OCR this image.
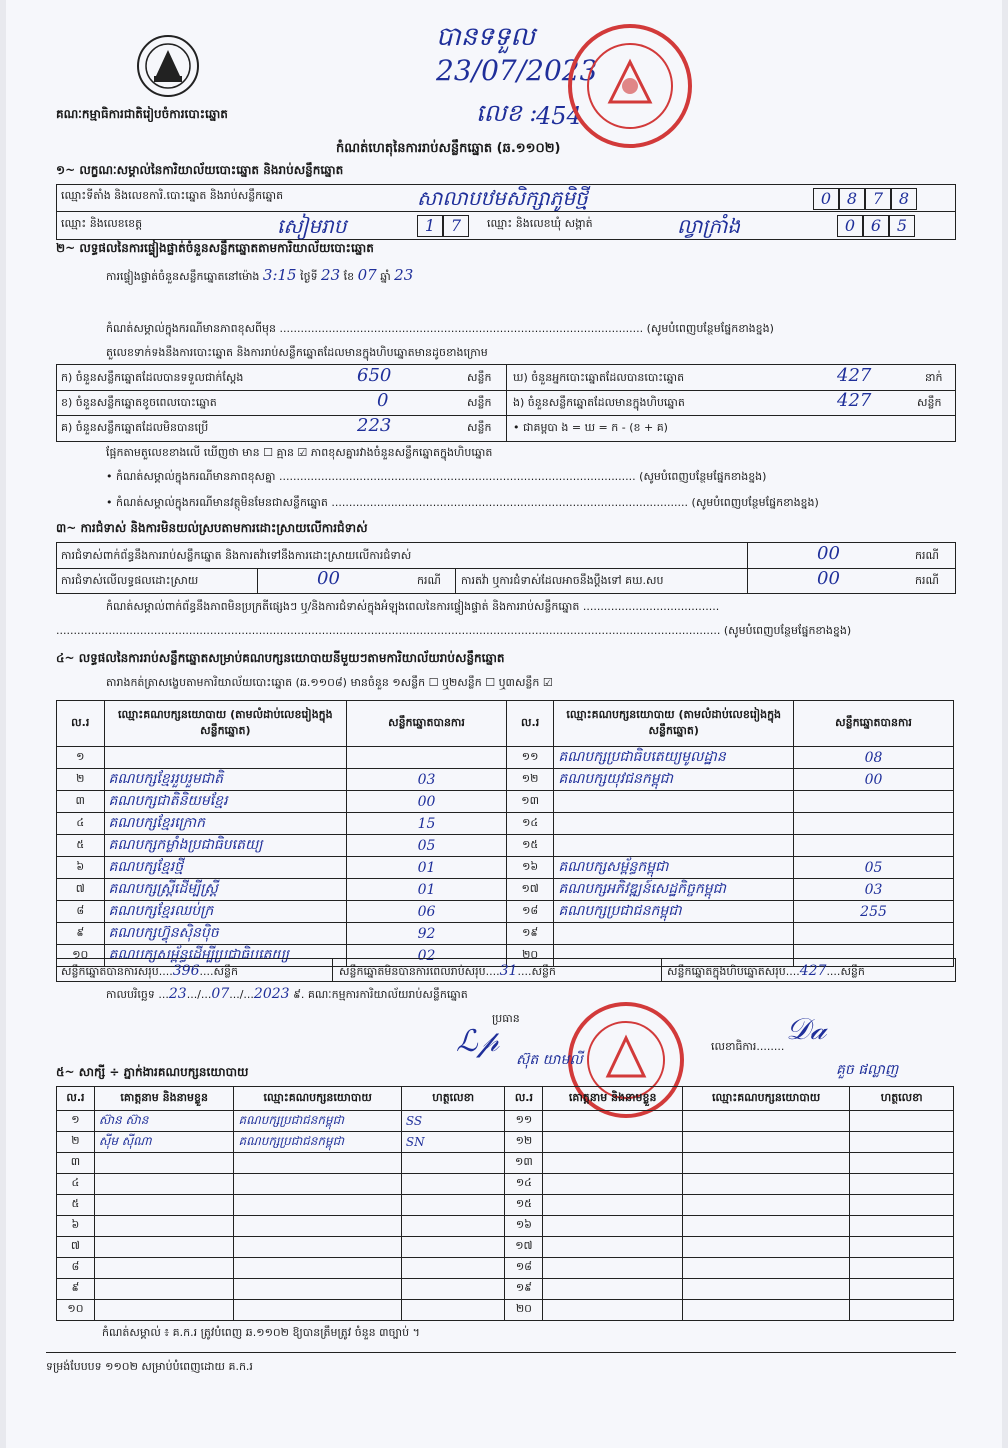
គណៈកម្មាធិការជាតិរៀបចំការបោះឆ្នោត
បានទទួល
23/07/2023
លេខ :
454
កំណត់ហេតុនៃការរាប់សន្លឹកឆ្នោត (ឆ.១១០២)
១~ លក្ខណៈសម្គាល់នៃការិយាល័យបោះឆ្នោត និងរាប់សន្លឹកឆ្នោត
ឈ្មោះទីតាំង និងលេខការិ.បោះឆ្នោត និងរាប់សន្លឹកឆ្នោត	សាលាបឋមសិក្សាភូមិថ្មី	0 8 7 8
ឈ្មោះ និងលេខខេត្ត	សៀមរាប	1 7	ឈ្មោះ និងលេខឃុំ សង្កាត់	ល្វាក្រាំង	0 6 5
២~ លទ្ធផលនៃការផ្ទៀងផ្ទាត់ចំនួនសន្លឹកឆ្នោតតាមការិយាល័យបោះឆ្នោត
ការផ្ទៀងផ្ទាត់ចំនួនសន្លឹកឆ្នោតនៅម៉ោង 3:15 ថ្ងៃទី 23 ខែ 07 ឆ្នាំ 23
កំណត់សម្គាល់ក្នុងករណីមានភាពខុសពីមុន ........................................................................................................ (សូមបំពេញបន្ថែមផ្នែកខាងខ្នង)
តួលេខទាក់ទងនឹងការបោះឆ្នោត និងការរាប់សន្លឹកឆ្នោតដែលមានក្នុងហិបឆ្នោតមានដូចខាងក្រោម
ក) ចំនួនសន្លឹកឆ្នោតដែលបានទទួលជាក់ស្តែង	650	សន្លឹក
ខ) ចំនួនសន្លឹកឆ្នោតខូចពេលបោះឆ្នោត	0	សន្លឹក
គ) ចំនួនសន្លឹកឆ្នោតដែលមិនបានប្រើ	223	សន្លឹក
ឃ) ចំនួនអ្នកបោះឆ្នោតដែលបានបោះឆ្នោត	427	នាក់
ង) ចំនួនសន្លឹកឆ្នោតដែលមានក្នុងហិបឆ្នោត	427	សន្លឹក
• ជាគម្ពបា ង = ឃ = ក - (ខ + គ)
ផ្អែកតាមតួលេខខាងលើ ឃើញថា មាន ☐ គ្មាន ☑ ភាពខុសគ្នារវាងចំនួនសន្លឹកឆ្នោតក្នុងហិបឆ្នោត
• កំណត់សម្គាល់ក្នុងករណីមានភាពខុសគ្នា ...................................................................................................... (សូមបំពេញបន្ថែមផ្នែកខាងខ្នង)
• កំណត់សម្គាល់ក្នុងករណីមានវត្ថុមិនមែនជាសន្លឹកឆ្នោត ...................................................................................................... (សូមបំពេញបន្ថែមផ្នែកខាងខ្នង)
៣~ ការជំទាស់ និងការមិនយល់ស្របតាមការដោះស្រាយលើការជំទាស់
ការជំទាស់ពាក់ព័ន្ធនឹងការរាប់សន្លឹកឆ្នោត និងការតវ៉ាទៅនឹងការដោះស្រាយលើការជំទាស់	00	ករណី
ការជំទាស់លើលទ្ធផលដោះស្រាយ	00	ករណី ការតវ៉ា ឬការជំទាស់ដែលអាចនឹងប្តឹងទៅ គឃ.សប	00	ករណី
កំណត់សម្គាល់ពាក់ព័ន្ធនឹងភាពមិនប្រក្រតីផ្សេងៗ ឬ/និងការជំទាស់ក្នុងអំឡុងពេលនៃការផ្ទៀងផ្ទាត់ និងការរាប់សន្លឹកឆ្នោត .......................................
.............................................................................................................................................................................................. (សូមបំពេញបន្ថែមផ្នែកខាងខ្នង)
៤~ លទ្ធផលនៃការរាប់សន្លឹកឆ្នោតសម្រាប់គណបក្សនយោបាយនីមួយៗតាមការិយាល័យរាប់សន្លឹកឆ្នោត
តារាងកត់ត្រាសង្ខេបតាមការិយាល័យបោះឆ្នោត (ឆ.១១០៨) មានចំនួន ១សន្លឹក ☐ ឬ២សន្លឹក ☐ ឬ៣សន្លឹក ☑
ល.រ	ឈ្មោះគណបក្សនយោបាយ (តាមលំដាប់លេខរៀងក្នុងសន្លឹកឆ្នោត)	សន្លឹកឆ្នោតបានការ	ល.រ	ឈ្មោះគណបក្សនយោបាយ (តាមលំដាប់លេខរៀងក្នុងសន្លឹកឆ្នោត)	សន្លឹកឆ្នោតបានការ
១			១១	គណបក្សប្រជាធិបតេយ្យមូលដ្ឋាន	08
២	គណបក្សខ្មែររួបរួមជាតិ	03	១២	គណបក្សយុវជនកម្ពុជា	00
៣	គណបក្សជាតិនិយមខ្មែរ	00	១៣		
៤	គណបក្សខ្មែរក្រោក	15	១៤		
៥	គណបក្សកម្លាំងប្រជាធិបតេយ្យ	05	១៥		
៦	គណបក្សខ្មែរថ្មី	01	១៦	គណបក្សសម្ព័ន្ធកម្ពុជា	05
៧	គណបក្សស្ត្រីដើម្បីស្ត្រី	01	១៧	គណបក្សអភិវឌ្ឍន៍សេដ្ឋកិច្ចកម្ពុជា	03
៨	គណបក្សខ្មែរឈប់ក្រ	06	១៨	គណបក្សប្រជាជនកម្ពុជា	255
៩	គណបក្សហ៊្វុនស៊ិនប៉ិច	92	១៩		
១០	គណបក្សសម្ព័ន្ធដើម្បីប្រជាធិបតេយ្យ	02	២០		
សន្លឹកឆ្នោតបានការសរុប....396....សន្លឹក	សន្លឹកឆ្នោតមិនបានការពេលរាប់សរុប....31....សន្លឹក	សន្លឹកឆ្នោតក្នុងហិបឆ្នោតសរុប....427....សន្លឹក
កាលបរិច្ឆេទ ...23.../...07.../...2023 ៩. គណៈកម្មការការិយាល័យរាប់សន្លឹកឆ្នោត
ប្រធាន
ℒ𝓅
ស៊ុត យាមលី
លេខាធិការ........ 𝒟𝒶
គួច ផល្លាញ
៥~ សាក្សី ÷ ភ្នាក់ងារគណបក្សនយោបាយ
ល.រ	គោត្តនាម និងនាមខ្លួន	ឈ្មោះគណបក្សនយោបាយ	ហត្ថលេខា	ល.រ	គោត្តនាម និងនាមខ្លួន	ឈ្មោះគណបក្សនយោបាយ	ហត្ថលេខា
១	ស៊ាន ស៊ាន	គណបក្សប្រជាជនកម្ពុជា	SS	១១			
២	ស៊ីម ស៊ីណា	គណបក្សប្រជាជនកម្ពុជា	SN	១២			
៣				១៣			
៤				១៤			
៥				១៥			
៦				១៦			
៧				១៧			
៨				១៨			
៩				១៩			
១០				២០			
កំណត់សម្គាល់ ៖ គ.ក.រ ត្រូវបំពេញ ឆ.១១០២ ឱ្យបានត្រឹមត្រូវ ចំនួន ៣ច្បាប់ ។
ទម្រង់បែបបទ ១១០២ សម្រាប់បំពេញដោយ គ.ក.រ
